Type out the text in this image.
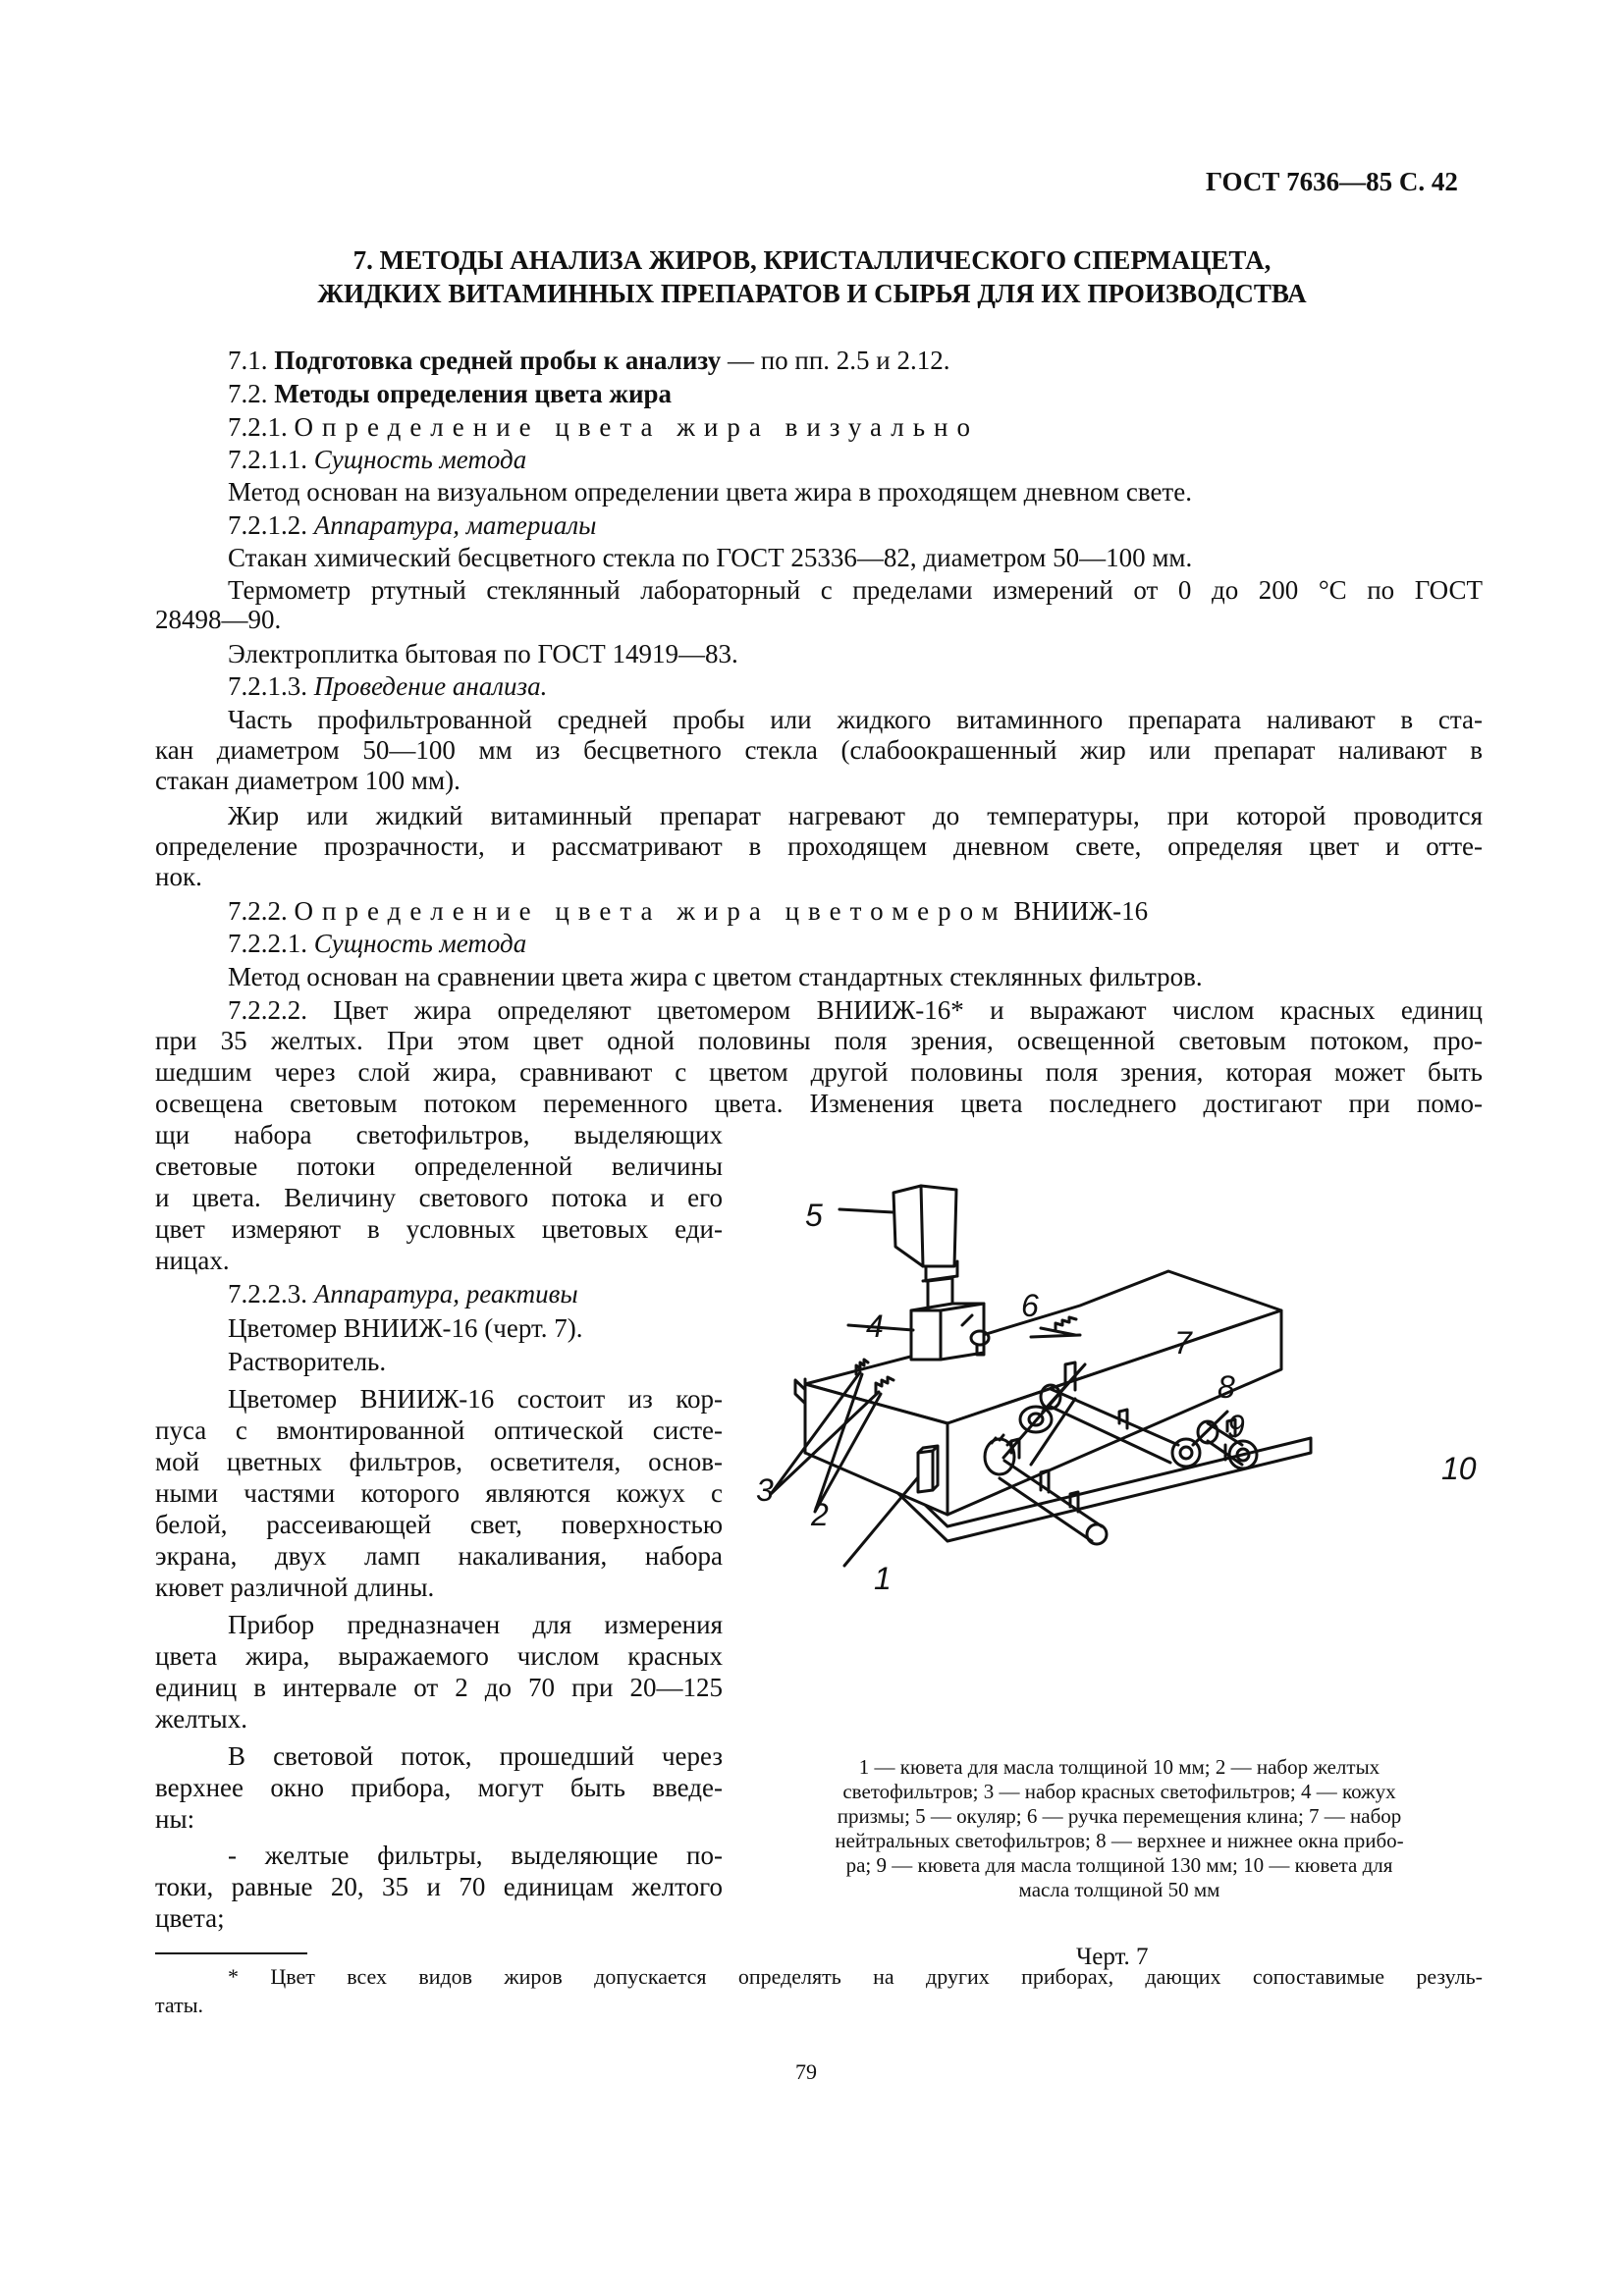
ГОСТ 7636—85 С. 42
7. МЕТОДЫ АНАЛИЗА ЖИРОВ, КРИСТАЛЛИЧЕСКОГО СПЕРМАЦЕТА,
ЖИДКИХ ВИТАМИННЫХ ПРЕПАРАТОВ И СЫРЬЯ ДЛЯ ИХ ПРОИЗВОДСТВА
7.1. Подготовка средней пробы к анализу — по пп. 2.5 и 2.12.
7.2. Методы определения цвета жира
7.2.1. Определение цвета жира визуально
7.2.1.1. Сущность метода
Метод основан на визуальном определении цвета жира в проходящем дневном свете.
7.2.1.2. Аппаратура, материалы
Стакан химический бесцветного стекла по ГОСТ 25336—82, диаметром 50—100 мм.
Термометр ртутный стеклянный лабораторный с пределами измерений от 0 до 200 °С по ГОСТ
28498—90.
Электроплитка бытовая по ГОСТ 14919—83.
7.2.1.3. Проведение анализа.
Часть профильтрованной средней пробы или жидкого витаминного препарата наливают в ста-
кан диаметром 50—100 мм из бесцветного стекла (слабоокрашенный жир или препарат наливают в
стакан диаметром 100 мм).
Жир или жидкий витаминный препарат нагревают до температуры, при которой проводится
определение прозрачности, и рассматривают в проходящем дневном свете, определяя цвет и отте-
нок.
7.2.2. Определение цвета жира цветомером ВНИИЖ-16
7.2.2.1. Сущность метода
Метод основан на сравнении цвета жира с цветом стандартных стеклянных фильтров.
7.2.2.2. Цвет жира определяют цветомером ВНИИЖ-16* и выражают числом красных единиц
при 35 желтых. При этом цвет одной половины поля зрения, освещенной световым потоком, про-
шедшим через слой жира, сравнивают с цветом другой половины поля зрения, которая может быть
освещена световым потоком переменного цвета. Изменения цвета последнего достигают при помо-
щи набора светофильтров, выделяющих
световые потоки определенной величины
и цвета. Величину светового потока и его
цвет измеряют в условных цветовых еди-
ницах.
7.2.2.3. Аппаратура, реактивы
Цветомер ВНИИЖ-16 (черт. 7).
Растворитель.
Цветомер ВНИИЖ-16 состоит из кор-
пуса с вмонтированной оптической систе-
мой цветных фильтров, осветителя, основ-
ными частями которого являются кожух с
белой, рассеивающей свет, поверхностью
экрана, двух ламп накаливания, набора
кювет различной длины.
Прибор предназначен для измерения
цвета жира, выражаемого числом красных
единиц в интервале от 2 до 70 при 20—125
желтых.
В световой поток, прошедший через
верхнее окно прибора, могут быть введе-
ны:
- желтые фильтры, выделяющие по-
токи, равные 20, 35 и 70 единицам желтого
цвета;
5
4
6
7
8
9
10
3
2
1
1 — кювета для масла толщиной 10 мм; 2 — набор желтых
светофильтров; 3 — набор красных светофильтров; 4 — кожух
призмы; 5 — окуляр; 6 — ручка перемещения клина; 7 — набор
нейтральных светофильтров; 8 — верхнее и нижнее окна прибо-
ра; 9 — кювета для масла толщиной 130 мм; 10 — кювета для
масла толщиной 50 мм
Черт. 7
* Цвет всех видов жиров допускается определять на других приборах, дающих сопоставимые резуль-
таты.
79
